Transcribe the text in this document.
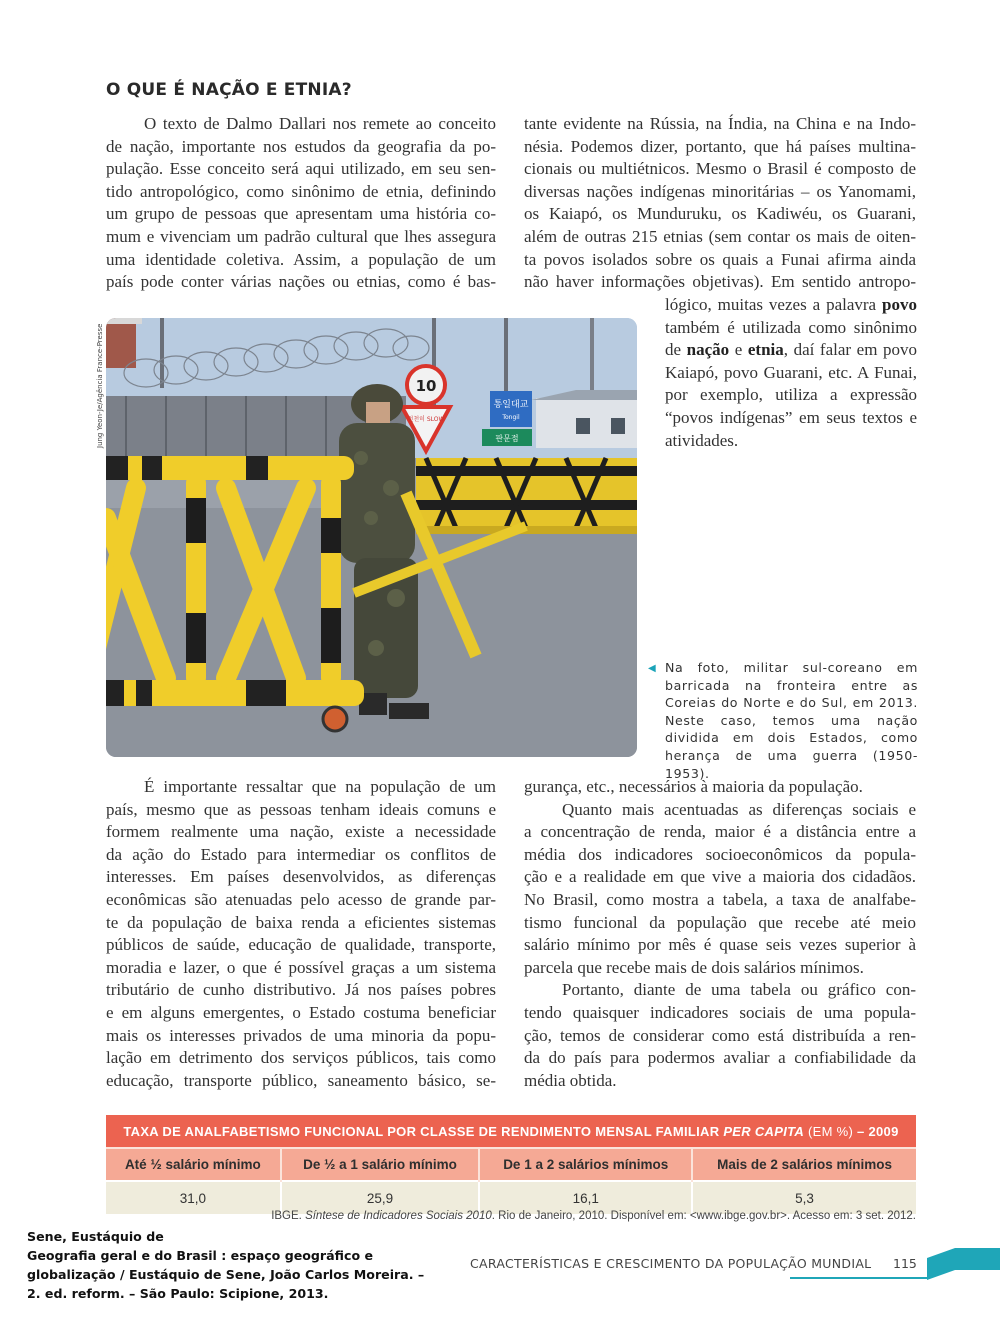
O QUE É NAÇÃO E ETNIA?
O texto de Dalmo Dallari nos remete ao conceito
de nação, importante nos estudos da geografia da po-
pulação. Esse conceito será aqui utilizado, em seu sen-
tido antropológico, como sinônimo de etnia, definindo
um grupo de pessoas que apresentam uma história co-
mum e vivenciam um padrão cultural que lhes assegura
uma identidade coletiva. Assim, a população de um
país pode conter várias nações ou etnias, como é bas-
tante evidente na Rússia, na Índia, na China e na Indo-
nésia. Podemos dizer, portanto, que há países multina-
cionais ou multiétnicos. Mesmo o Brasil é composto de
diversas nações indígenas minoritárias – os Yanomami,
os Kaiapó, os Munduruku, os Kadiwéu, os Guarani,
além de outras 215 etnias (sem contar os mais de oiten-
ta povos isolados sobre os quais a Funai afirma ainda
não haver informações objetivas). Em sentido antropo-
lógico, muitas vezes a palavra povo
também é utilizada como sinônimo
de nação e etnia, daí falar em povo
Kaiapó, povo Guarani, etc. A Funai,
por exemplo, utiliza a expressão
“povos indígenas” em seus textos e
atividades.
Jung Yeon-Je/Agência France-Presse	통일대교
Tongil
판문점
10
천천히 SLOW
◀ Na foto, militar sul-coreano em barricada na fronteira entre as Coreias do Norte e do Sul, em 2013. Neste caso, temos uma nação dividida em dois Estados, como herança de uma guerra (1950-1953).
É importante ressaltar que na população de um
país, mesmo que as pessoas tenham ideais comuns e
formem realmente uma nação, existe a necessidade
da ação do Estado para intermediar os conflitos de
interesses. Em países desenvolvidos, as diferenças
econômicas são atenuadas pelo acesso de grande par-
te da população de baixa renda a eficientes sistemas
públicos de saúde, educação de qualidade, transporte,
moradia e lazer, o que é possível graças a um sistema
tributário de cunho distributivo. Já nos países pobres
e em alguns emergentes, o Estado costuma beneficiar
mais os interesses privados de uma minoria da popu-
lação em detrimento dos serviços públicos, tais como
educação, transporte público, saneamento básico, se-
gurança, etc., necessários à maioria da população.
Quanto mais acentuadas as diferenças sociais e
a concentração de renda, maior é a distância entre a
média dos indicadores socioeconômicos da popula-
ção e a realidade em que vive a maioria dos cidadãos.
No Brasil, como mostra a tabela, a taxa de analfabe-
tismo funcional da população que recebe até meio
salário mínimo por mês é quase seis vezes superior à
parcela que recebe mais de dois salários mínimos.
Portanto, diante de uma tabela ou gráfico con-
tendo quaisquer indicadores sociais de uma popula-
ção, temos de considerar como está distribuída a ren-
da do país para podermos avaliar a confiabilidade da
média obtida.
TAXA DE ANALFABETISMO FUNCIONAL POR CLASSE DE RENDIMENTO MENSAL FAMILIAR PER CAPITA (EM %) – 2009			
Até ½ salário mínimo	De ½ a 1 salário mínimo	De 1 a 2 salários mínimos	Mais de 2 salários mínimos
31,0	25,9	16,1	5,3
IBGE. Síntese de Indicadores Sociais 2010. Rio de Janeiro, 2010. Disponível em: <www.ibge.gov.br>. Acesso em: 3 set. 2012.
Sene, Eustáquio de
Geografia geral e do Brasil : espaço geográfico e
globalização / Eustáquio de Sene, João Carlos Moreira. –
2. ed. reform. – São Paulo: Scipione, 2013.
CARACTERÍSTICAS E CRESCIMENTO DA POPULAÇÃO MUNDIAL 115
